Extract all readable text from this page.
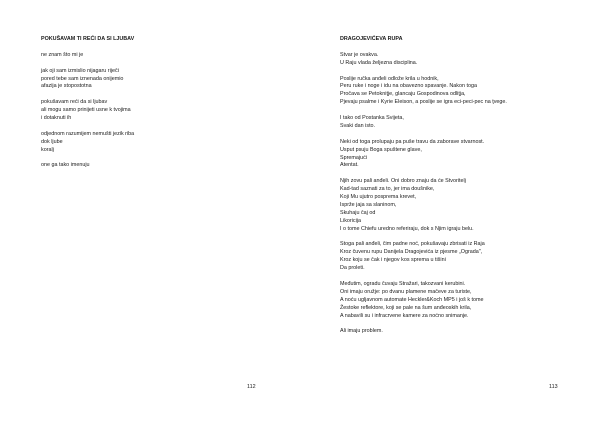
POKUŠAVAM TI REĆI DA SI LJUBAV
ne znam što mi je
jak oji sam izmislio nijagaru riječi
pored tebe sam iznenada onijemio
afazija je stopostotna
pokušavam reći da si ljubav
ali mogu samo prinijeti usne k tvojima
i dotaknuti ih
odjednom razumijem nemušti jezik riba
dok ljube
koralj
one ga tako imenuju
112
DRAGOJEVIĆEVA RUPA
Stvar je ovakva.
U Raju vlada željezna disciplina.
Poslije ručka anđeli odlože krila u hodnik,
Peru ruke i noge i idu na obavezno spavanje. Nakon toga
Pročava se Petokniţje, glancaju Gospodinova odliţja,
Pjevaju psalme i Kyrie Eleison, a poslije se igra eci-peci-pec na ţvege.
I tako od Postanka Svijeta,
Svaki dan isto.
Neki od toga prolupaju pa puše travu da zaborave stvarnost.
Usput psuju Boga spuštene glave,
Spremajući
Atentat.
Njih zovu pali anđeli. Oni dobro znaju da će Stvoritelj
Kad-tad saznati za to, jer ima doušnike,
Koji Mu ujutro posprema krevet,
Isprže jaja sa slaninom,
Skuhaju čaj od
Likoricija
I o tome Chiefu uredno referiraju, dok s Njim igraju belu.
Stoga pali anđeli, čim padne noć, pokušavaju zbrisati iz Raja
Kroz čuvenu rupu Danijela Dragojevića iz pjesme „Ograda",
Kroz koju se čak i njegov kos sprema u tišini
Da proleti.
Međutim, ogradu čuvaju Stražari, takozvani kerubini.
Oni imaju oružje: po dvanu plamene mačeve za turiste,
A noću ugljavnom automate Heckler&Koch MP5 i još k tome
Žestoke reflektore, koji se pale na šum anđeoskih krila,
A nabavili su i infracrvene kamere za noćno snimanje.
Ali imaju problem.
113
